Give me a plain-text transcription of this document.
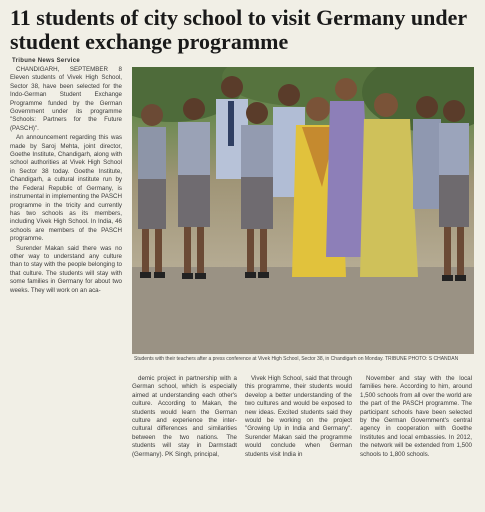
11 students of city school to visit Germany under student exchange programme
Tribune News Service

CHANDIGARH, SEPTEMBER 8 Eleven students of Vivek High School, Sector 38, have been selected for the Indo-German Student Exchange Programme funded by the German Government under its programme "Schools: Partners for the Future (PASCH)".

An announcement regarding this was made by Saroj Mehta, joint director, Goethe Institute, Chandigarh, along with school authorities at Vivek High School in Sector 38 today. Goethe Institute, Chandigarh, a cultural institute run by the Federal Republic of Germany, is instrumental in implementing the PASCH programme in the tricity and currently has two schools as its members, including Vivek High School. In India, 46 schools are members of the PASCH programme.

Surender Makan said there was no other way to understand any culture than to stay with the people belonging to that culture. The students will stay with some families in Germany for about two weeks. They will work on an aca-

Students with their teachers after a press conference at Vivek High School, Sector 38, in Chandigarh on Monday. TRIBUNE PHOTO: S CHANDAN

demic project in partnership with a German school, which is especially aimed at understanding each other's culture. According to Makan, the students would learn the German culture and experience the inter-cultural differences and similarities between the two nations. The students will stay in Darmstadt (Germany). PK Singh, principal,

Vivek High School, said that through this programme, their students would develop a better understanding of the two cultures and would be exposed to new ideas. Excited students said they would be working on the project "Growing Up in India and Germany". Surender Makan said the programme would conclude when German students visit India in

November and stay with the local families here. According to him, around 1,500 schools from all over the world are the part of the PASCH programme. The participant schools have been selected by the German Government's central agency in cooperation with Goethe Institutes and local embassies. In 2012, the network will be extended from 1,500 schools to 1,800 schools.
